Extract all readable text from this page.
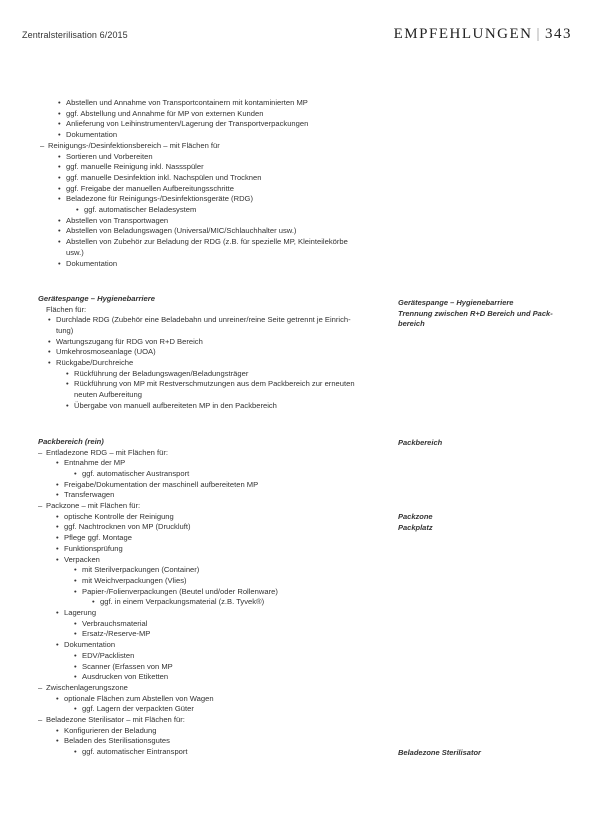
Zentralsterilisation 6/2015	EMPFEHLUNGEN | 343
• Abstellen und Annahme von Transportcontainern mit kontaminierten MP
• ggf. Abstellung und Annahme für MP von externen Kunden
• Anlieferung von Leihinstrumenten/Lagerung der Transportverpackungen
• Dokumentation
– Reinigungs-/Desinfektionsbereich – mit Flächen für
• Sortieren und Vorbereiten
• ggf. manuelle Reinigung inkl. Nassspüler
• ggf. manuelle Desinfektion inkl. Nachspülen und Trocknen
• ggf. Freigabe der manuellen Aufbereitungsschritte
• Beladezone für Reinigungs-/Desinfektionsgeräte (RDG)
• ggf. automatischer Beladesystem
• Abstellen von Transportwagen
• Abstellen von Beladungswagen (Universal/MIC/Schlauchhalter usw.)
• Abstellen von Zubehör zur Beladung der RDG (z.B. für spezielle MP, Kleinteilekörbe
usw.)
• Dokumentation
Gerätespange – Hygienebarriere
Flächen für:
• Durchlade RDG (Zubehör eine Beladebahn und unreiner/reine Seite getrennt je Einrich-
tung)
• Wartungszugang für RDG von R+D Bereich
• Umkehrosmoseanlage (UOA)
• Rückgabe/Durchreiche
• Rückführung der Beladungswagen/Beladungsträger
• Rückführung von MP mit Restverschmutzungen aus dem Packbereich zur erneuten
neuten Aufbereitung
• Übergabe von manuell aufbereiteten MP in den Packbereich
Gerätespange – Hygienebarriere
Trennung zwischen R+D Bereich und Pack-
bereich
Packbereich (rein)
– Entladezone RDG – mit Flächen für:
• Entnahme der MP
• ggf. automatischer Austransport
• Freigabe/Dokumentation der maschinell aufbereiteten MP
• Transferwagen
– Packzone – mit Flächen für:
• optische Kontrolle der Reinigung
• ggf. Nachtrocknen von MP (Druckluft)
• Pflege ggf. Montage
• Funktionsprüfung
• Verpacken
• mit Sterilverpackungen (Container)
• mit Weichverpackungen (Vlies)
• Papier-/Folienverpackungen (Beutel und/oder Rollenware)
• ggf. in einem Verpackungsmaterial (z.B. Tyvek®)
• Lagerung
• Verbrauchsmaterial
• Ersatz-/Reserve-MP
• Dokumentation
• EDV/Packlisten
• Scanner (Erfassen von MP
• Ausdrucken von Etiketten
– Zwischenlagerungszone
• optionale Flächen zum Abstellen von Wagen
• ggf. Lagern der verpackten Güter
– Beladezone Sterilisator – mit Flächen für:
• Konfigurieren der Beladung
• Beladen des Sterilisationsgutes
• ggf. automatischer Eintransport
Packbereich
Packzone
Packplatz
Beladezone Sterilisator
